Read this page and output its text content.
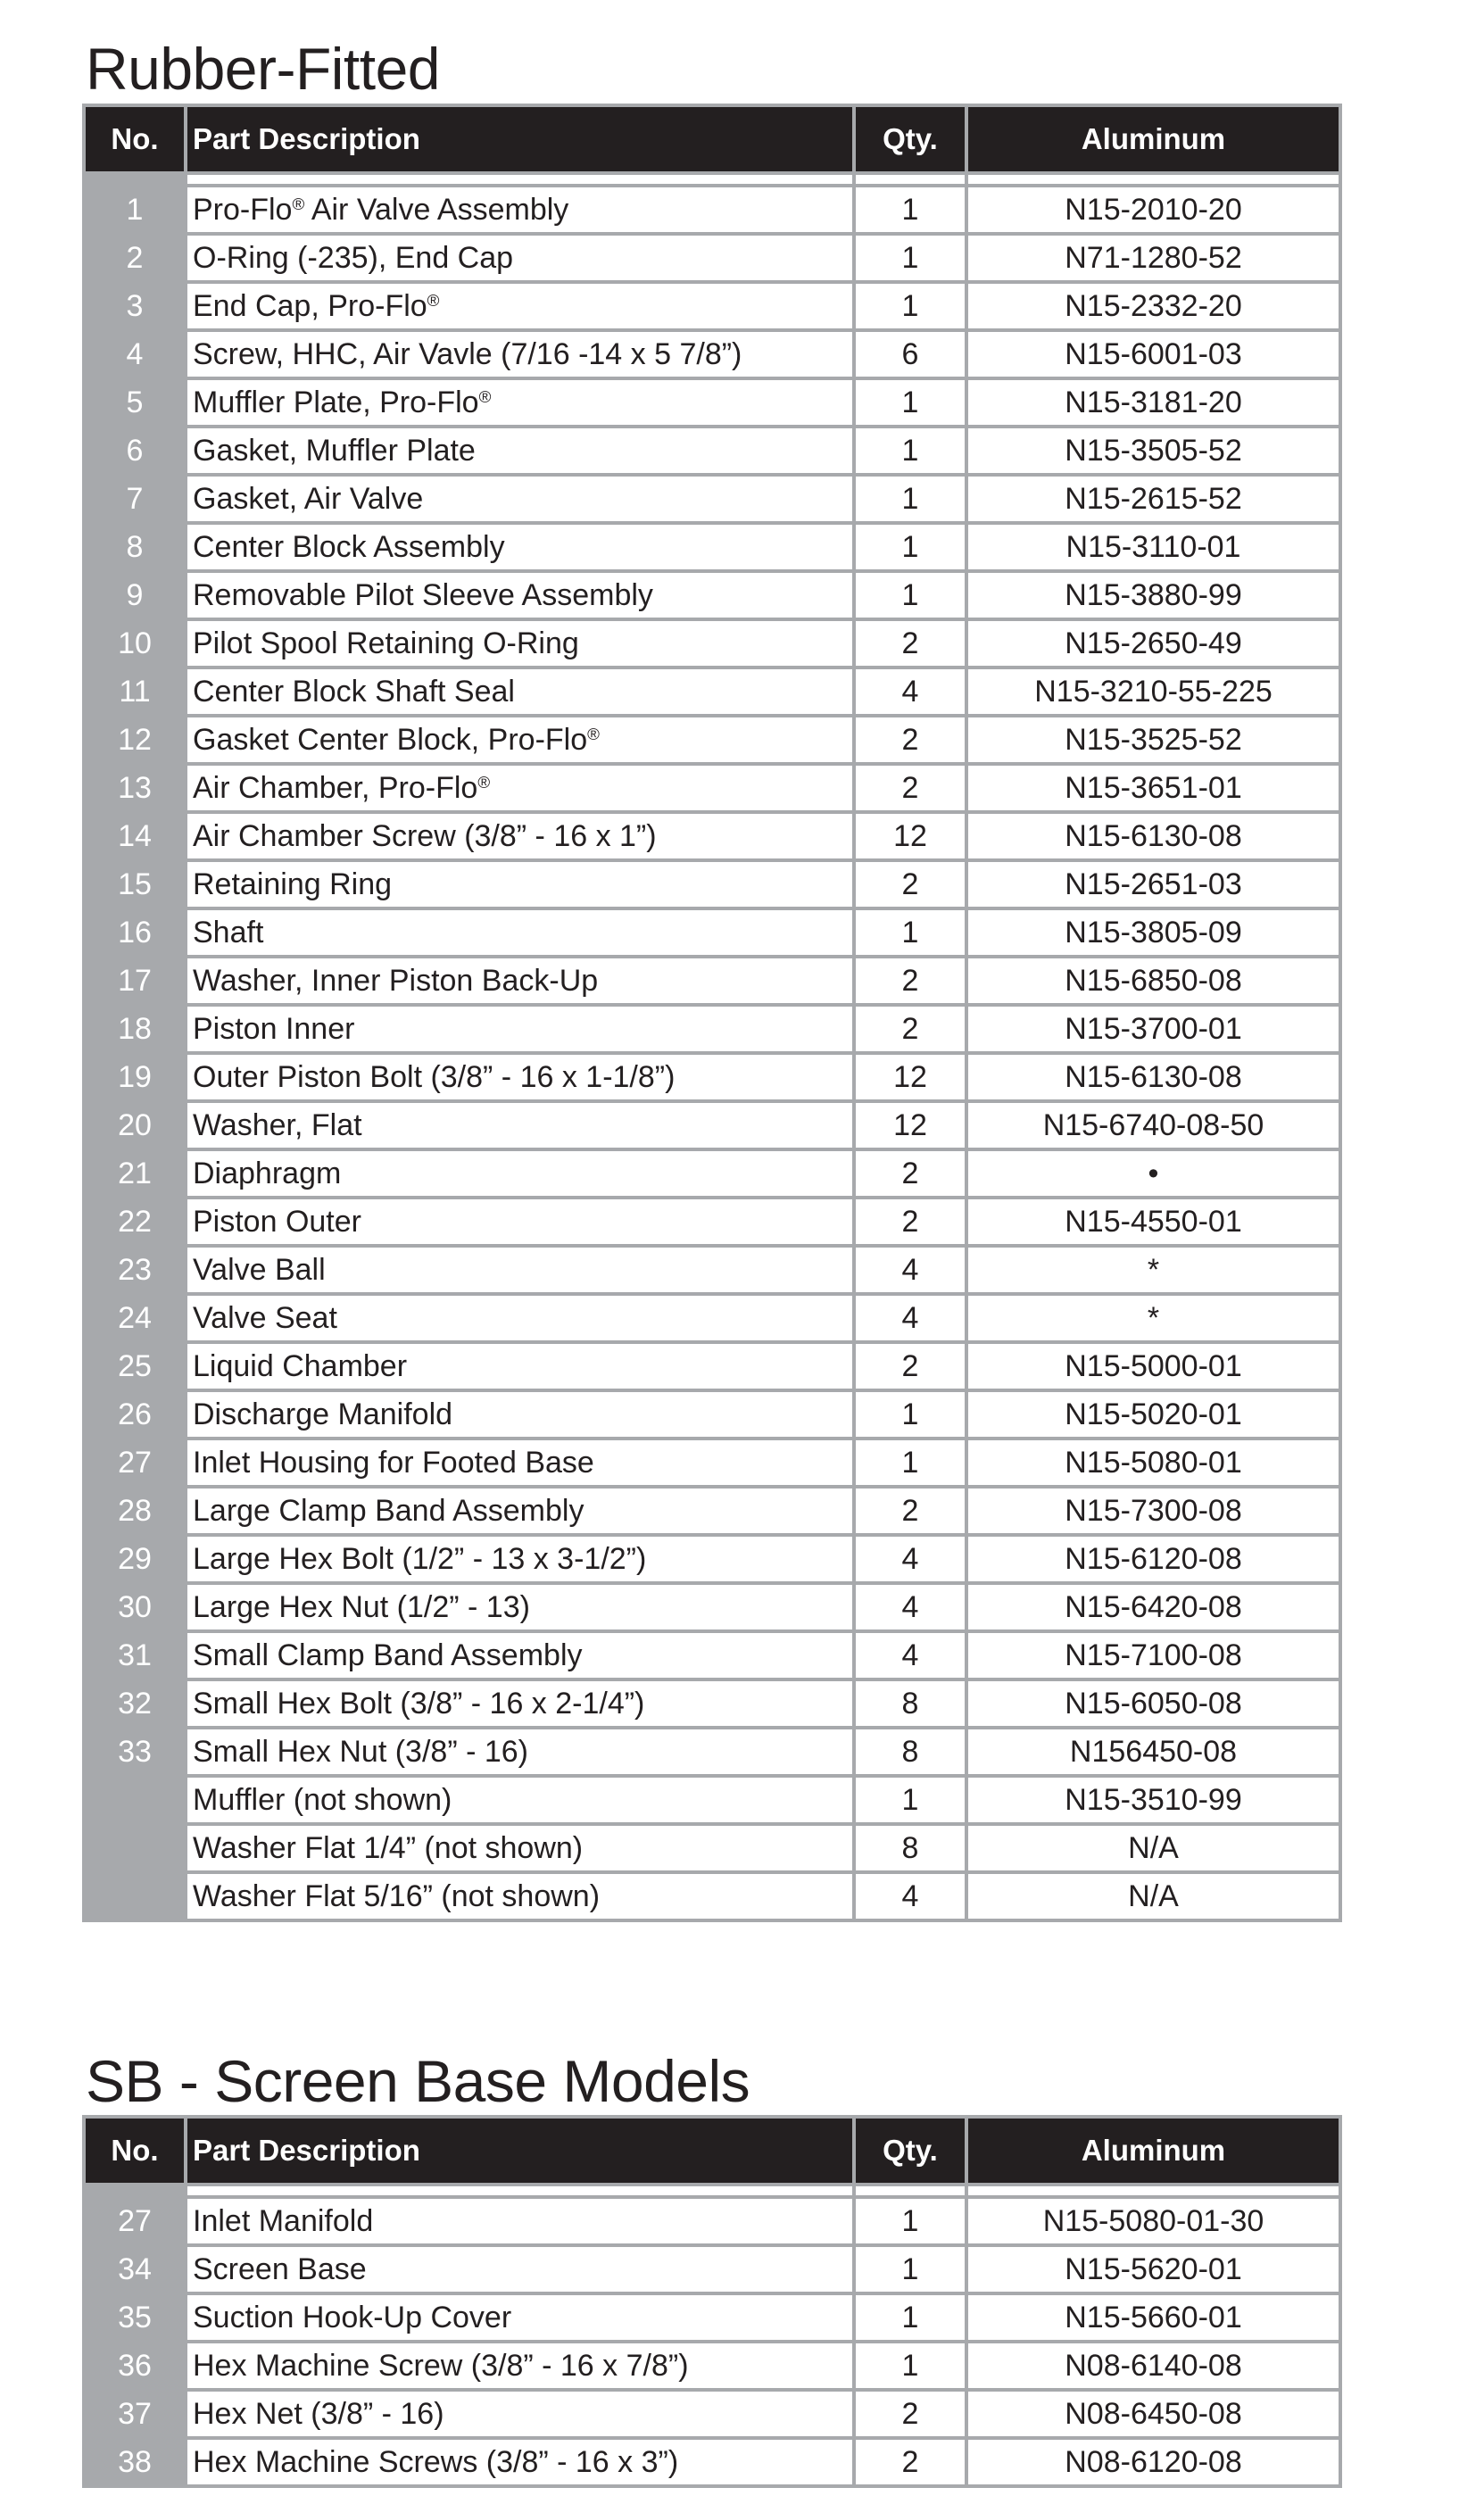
Rubber-Fitted
No.	Part Description	Qty.	Aluminum

1	Pro-Flo® Air Valve Assembly	1	N15-2010-20
2	O-Ring (-235), End Cap	1	N71-1280-52
3	End Cap, Pro-Flo®	1	N15-2332-20
4	Screw, HHC, Air Vavle (7/16 -14 x 5 7/8”)	6	N15-6001-03
5	Muffler Plate, Pro-Flo®	1	N15-3181-20
6	Gasket, Muffler Plate	1	N15-3505-52
7	Gasket, Air Valve	1	N15-2615-52
8	Center Block Assembly	1	N15-3110-01
9	Removable Pilot Sleeve Assembly	1	N15-3880-99
10	Pilot Spool Retaining O-Ring	2	N15-2650-49
11	Center Block Shaft Seal	4	N15-3210-55-225
12	Gasket Center Block, Pro-Flo®	2	N15-3525-52
13	Air Chamber, Pro-Flo®	2	N15-3651-01
14	Air Chamber Screw (3/8” - 16 x 1”)	12	N15-6130-08
15	Retaining Ring	2	N15-2651-03
16	Shaft	1	N15-3805-09
17	Washer, Inner Piston Back-Up	2	N15-6850-08
18	Piston Inner	2	N15-3700-01
19	Outer Piston Bolt (3/8” - 16 x 1-1/8”)	12	N15-6130-08
20	Washer, Flat	12	N15-6740-08-50
21	Diaphragm	2	•
22	Piston Outer	2	N15-4550-01
23	Valve Ball	4	*
24	Valve Seat	4	*
25	Liquid Chamber	2	N15-5000-01
26	Discharge Manifold	1	N15-5020-01
27	Inlet Housing for Footed Base	1	N15-5080-01
28	Large Clamp Band Assembly	2	N15-7300-08
29	Large Hex Bolt (1/2” - 13 x 3-1/2”)	4	N15-6120-08
30	Large Hex Nut (1/2” - 13)	4	N15-6420-08
31	Small Clamp Band Assembly	4	N15-7100-08
32	Small Hex Bolt (3/8” - 16 x 2-1/4”)	8	N15-6050-08
33	Small Hex Nut (3/8” - 16)	8	N156450-08
	Muffler (not shown)	1	N15-3510-99
	Washer Flat 1/4” (not shown)	8	N/A
	Washer Flat 5/16” (not shown)	4	N/A
SB - Screen Base Models
No.	Part Description	Qty.	Aluminum

27	Inlet Manifold	1	N15-5080-01-30
34	Screen Base	1	N15-5620-01
35	Suction Hook-Up Cover	1	N15-5660-01
36	Hex Machine Screw (3/8” - 16 x 7/8”)	1	N08-6140-08
37	Hex Net (3/8” - 16)	2	N08-6450-08
38	Hex Machine Screws (3/8” - 16 x 3”)	2	N08-6120-08
